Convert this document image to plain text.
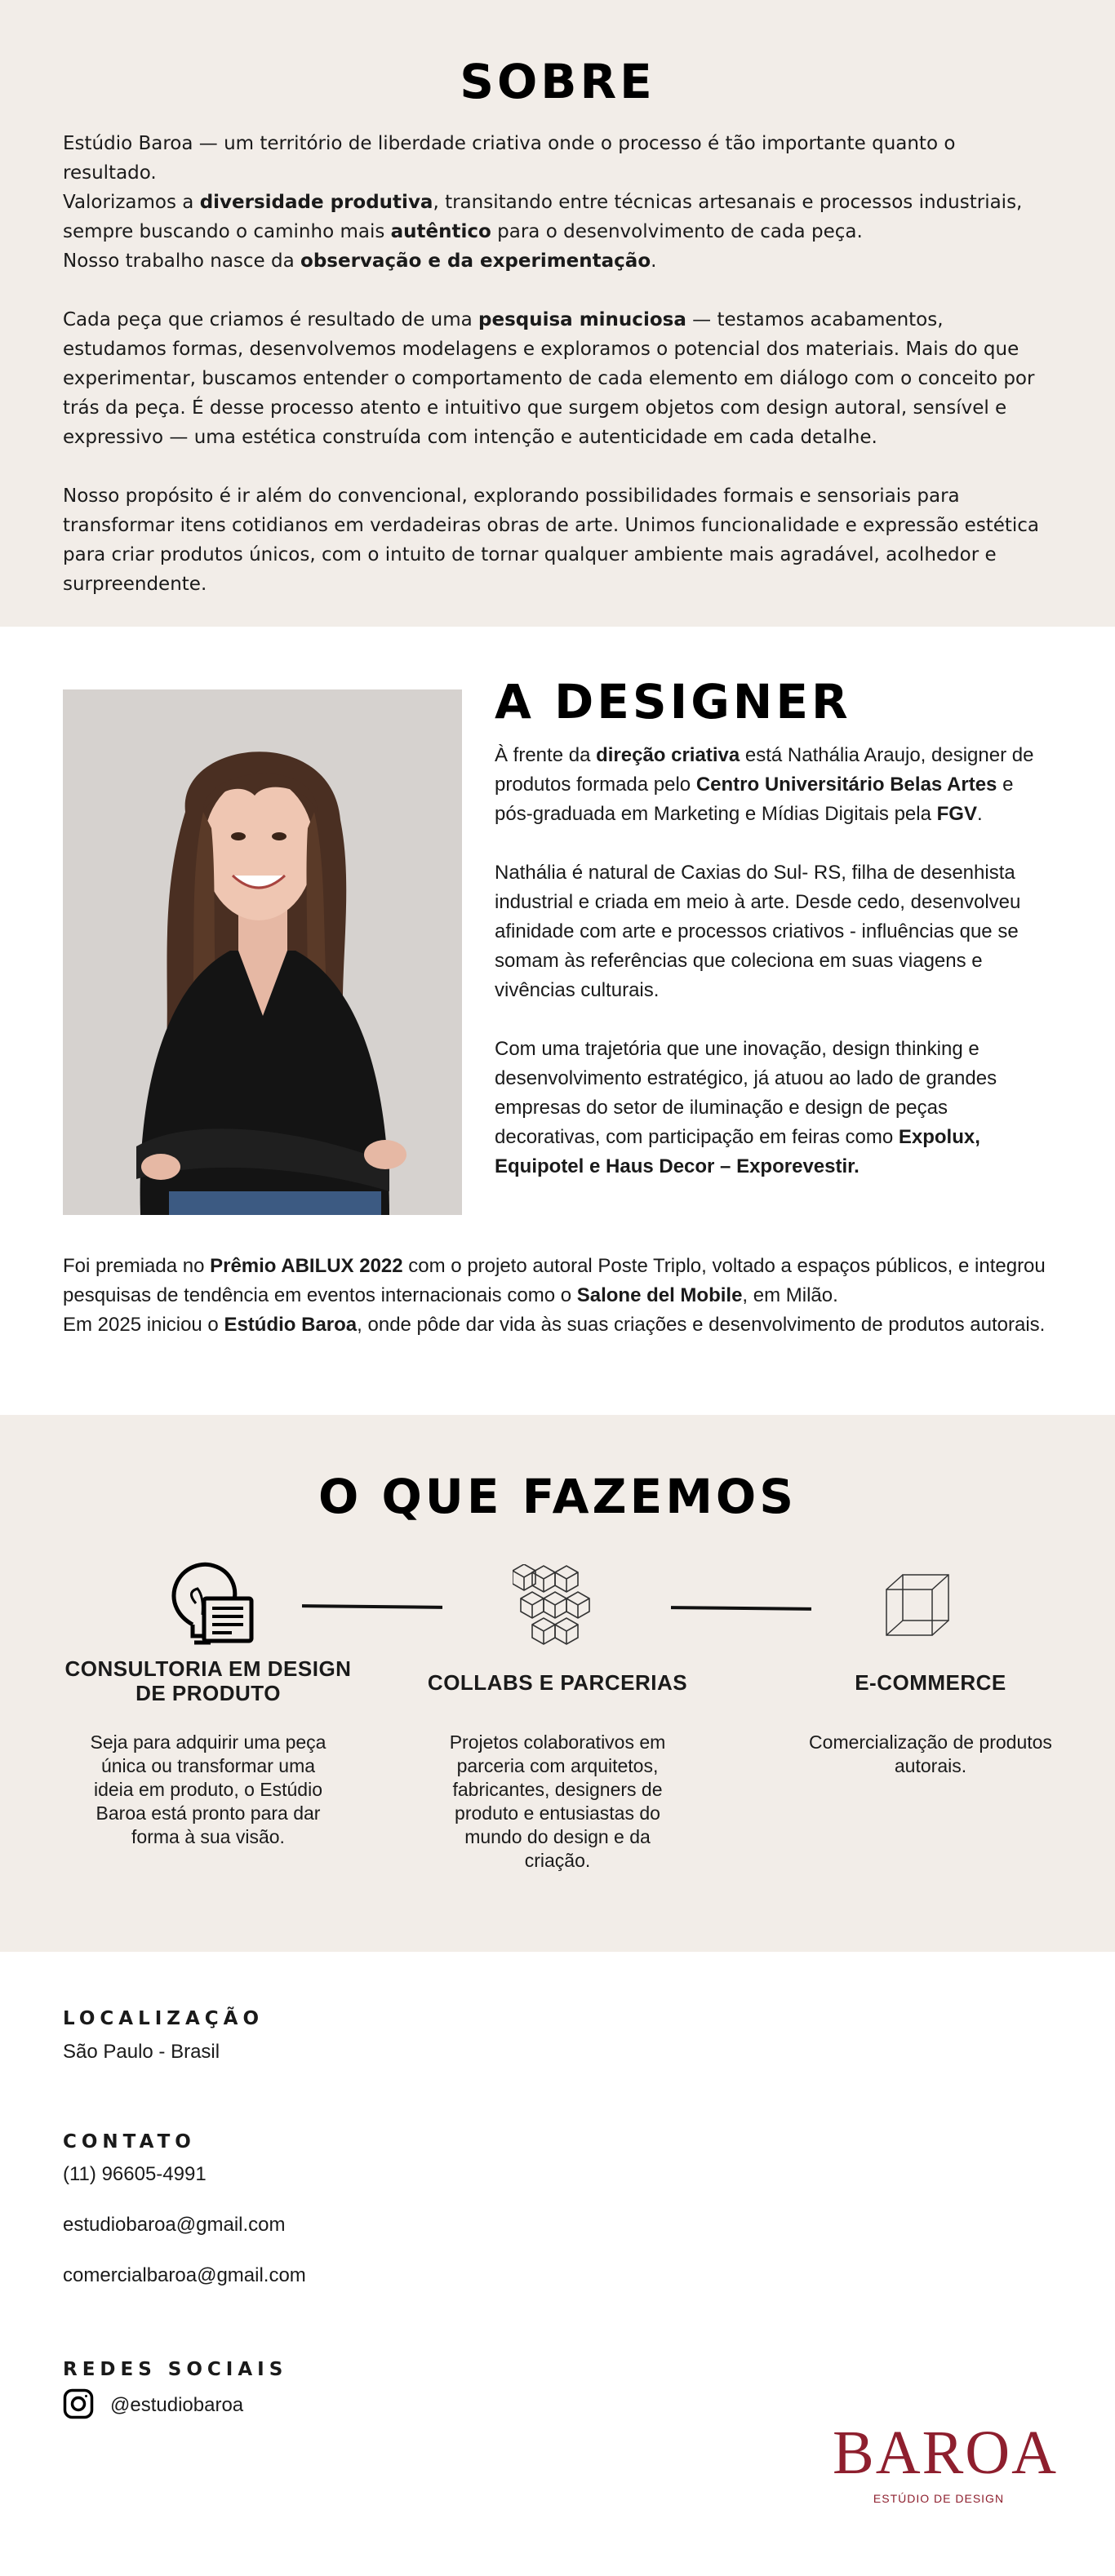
SOBRE

Estúdio Baroa — um território de liberdade criativa onde o processo é tão importante quanto o resultado.
Valorizamos a diversidade produtiva, transitando entre técnicas artesanais e processos industriais, sempre buscando o caminho mais autêntico para o desenvolvimento de cada peça.
Nosso trabalho nasce da observação e da experimentação.

Cada peça que criamos é resultado de uma pesquisa minuciosa — testamos acabamentos, estudamos formas, desenvolvemos modelagens e exploramos o potencial dos materiais. Mais do que experimentar, buscamos entender o comportamento de cada elemento em diálogo com o conceito por trás da peça. É desse processo atento e intuitivo que surgem objetos com design autoral, sensível e expressivo — uma estética construída com intenção e autenticidade em cada detalhe.

Nosso propósito é ir além do convencional, explorando possibilidades formais e sensoriais para transformar itens cotidianos em verdadeiras obras de arte. Unimos funcionalidade e expressão estética para criar produtos únicos, com o intuito de tornar qualquer ambiente mais agradável, acolhedor e surpreendente.

A DESIGNER

À frente da direção criativa está Nathália Araujo, designer de produtos formada pelo Centro Universitário Belas Artes e pós-graduada em Marketing e Mídias Digitais pela FGV.

Nathália é natural de Caxias do Sul- RS, filha de desenhista industrial e criada em meio à arte. Desde cedo, desenvolveu afinidade com arte e processos criativos - influências que se somam às referências que coleciona em suas viagens e vivências culturais.

Com uma trajetória que une inovação, design thinking e desenvolvimento estratégico, já atuou ao lado de grandes empresas do setor de iluminação e design de peças decorativas, com participação em feiras como Expolux, Equipotel e Haus Decor – Exporevestir.

Foi premiada no Prêmio ABILUX 2022 com o projeto autoral Poste Triplo, voltado a espaços públicos, e integrou pesquisas de tendência em eventos internacionais como o Salone del Mobile, em Milão.
Em 2025 iniciou o Estúdio Baroa, onde pôde dar vida às suas criações e desenvolvimento de produtos autorais.

O QUE FAZEMOS
CONSULTORIA EM DESIGN DE PRODUTO	COLLABS E PARCERIAS	E-COMMERCE
Seja para adquirir uma peça única ou transformar uma ideia em produto, o Estúdio Baroa está pronto para dar forma à sua visão.
Projetos colaborativos em parceria com arquitetos, fabricantes, designers de produto e entusiastas do mundo do design e da criação.
Comercialização de produtos autorais.
LOCALIZAÇÃO
São Paulo - Brasil
CONTATO
(11) 96605-4991
estudiobaroa@gmail.com
comercialbaroa@gmail.com
REDES SOCIAIS
@estudiobaroa
BAROA
ESTÚDIO DE DESIGN
